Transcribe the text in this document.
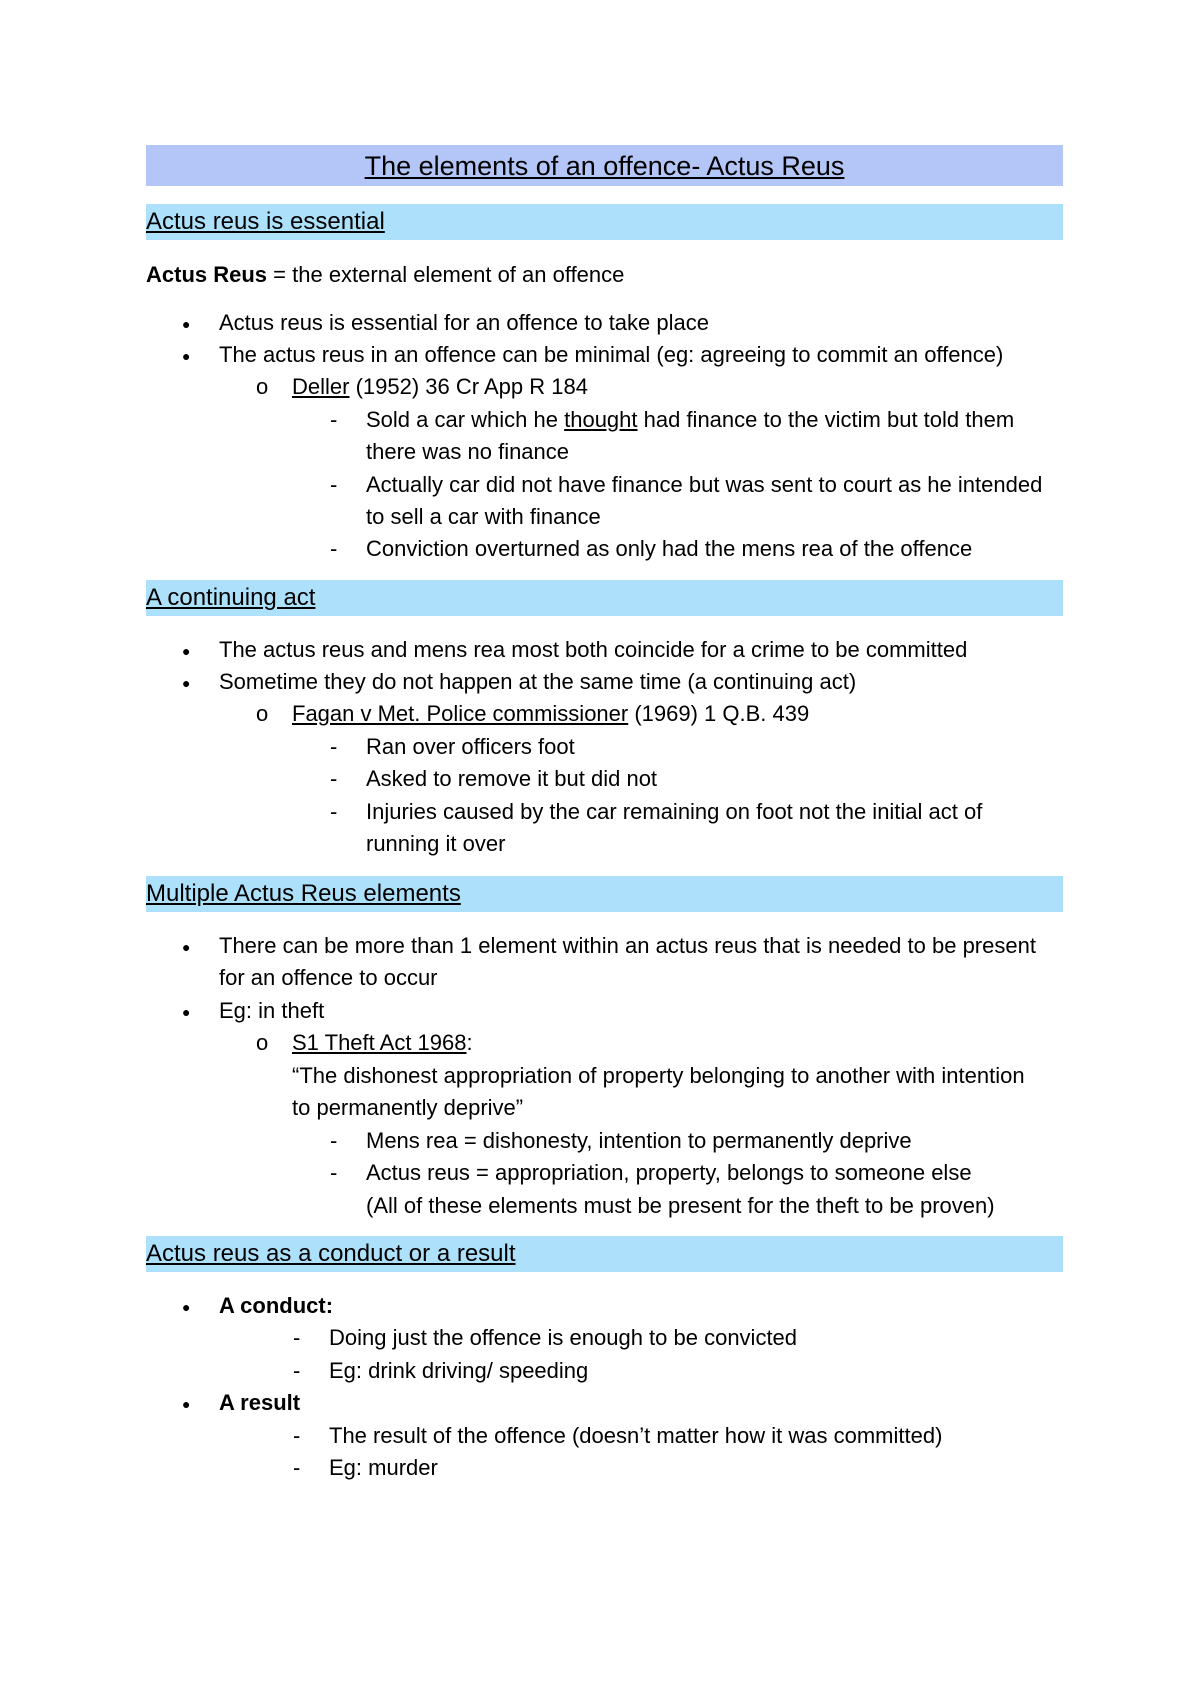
The elements of an offence- Actus Reus
Actus reus is essential
Actus Reus = the external element of an offence
● Actus reus is essential for an offence to take place
● The actus reus in an offence can be minimal (eg: agreeing to commit an offence)
o Deller (1952) 36 Cr App R 184
- Sold a car which he thought had finance to the victim but told them
there was no finance
- Actually car did not have finance but was sent to court as he intended
to sell a car with finance
- Conviction overturned as only had the mens rea of the offence
A continuing act
● The actus reus and mens rea most both coincide for a crime to be committed
● Sometime they do not happen at the same time (a continuing act)
o Fagan v Met. Police commissioner (1969) 1 Q.B. 439
- Ran over officers foot
- Asked to remove it but did not
- Injuries caused by the car remaining on foot not the initial act of
running it over
Multiple Actus Reus elements
● There can be more than 1 element within an actus reus that is needed to be present
for an offence to occur
● Eg: in theft
o S1 Theft Act 1968:
“The dishonest appropriation of property belonging to another with intention
to permanently deprive”
- Mens rea = dishonesty, intention to permanently deprive
- Actus reus = appropriation, property, belongs to someone else
(All of these elements must be present for the theft to be proven)
Actus reus as a conduct or a result
● A conduct:
- Doing just the offence is enough to be convicted
- Eg: drink driving/ speeding
● A result
- The result of the offence (doesn’t matter how it was committed)
- Eg: murder
